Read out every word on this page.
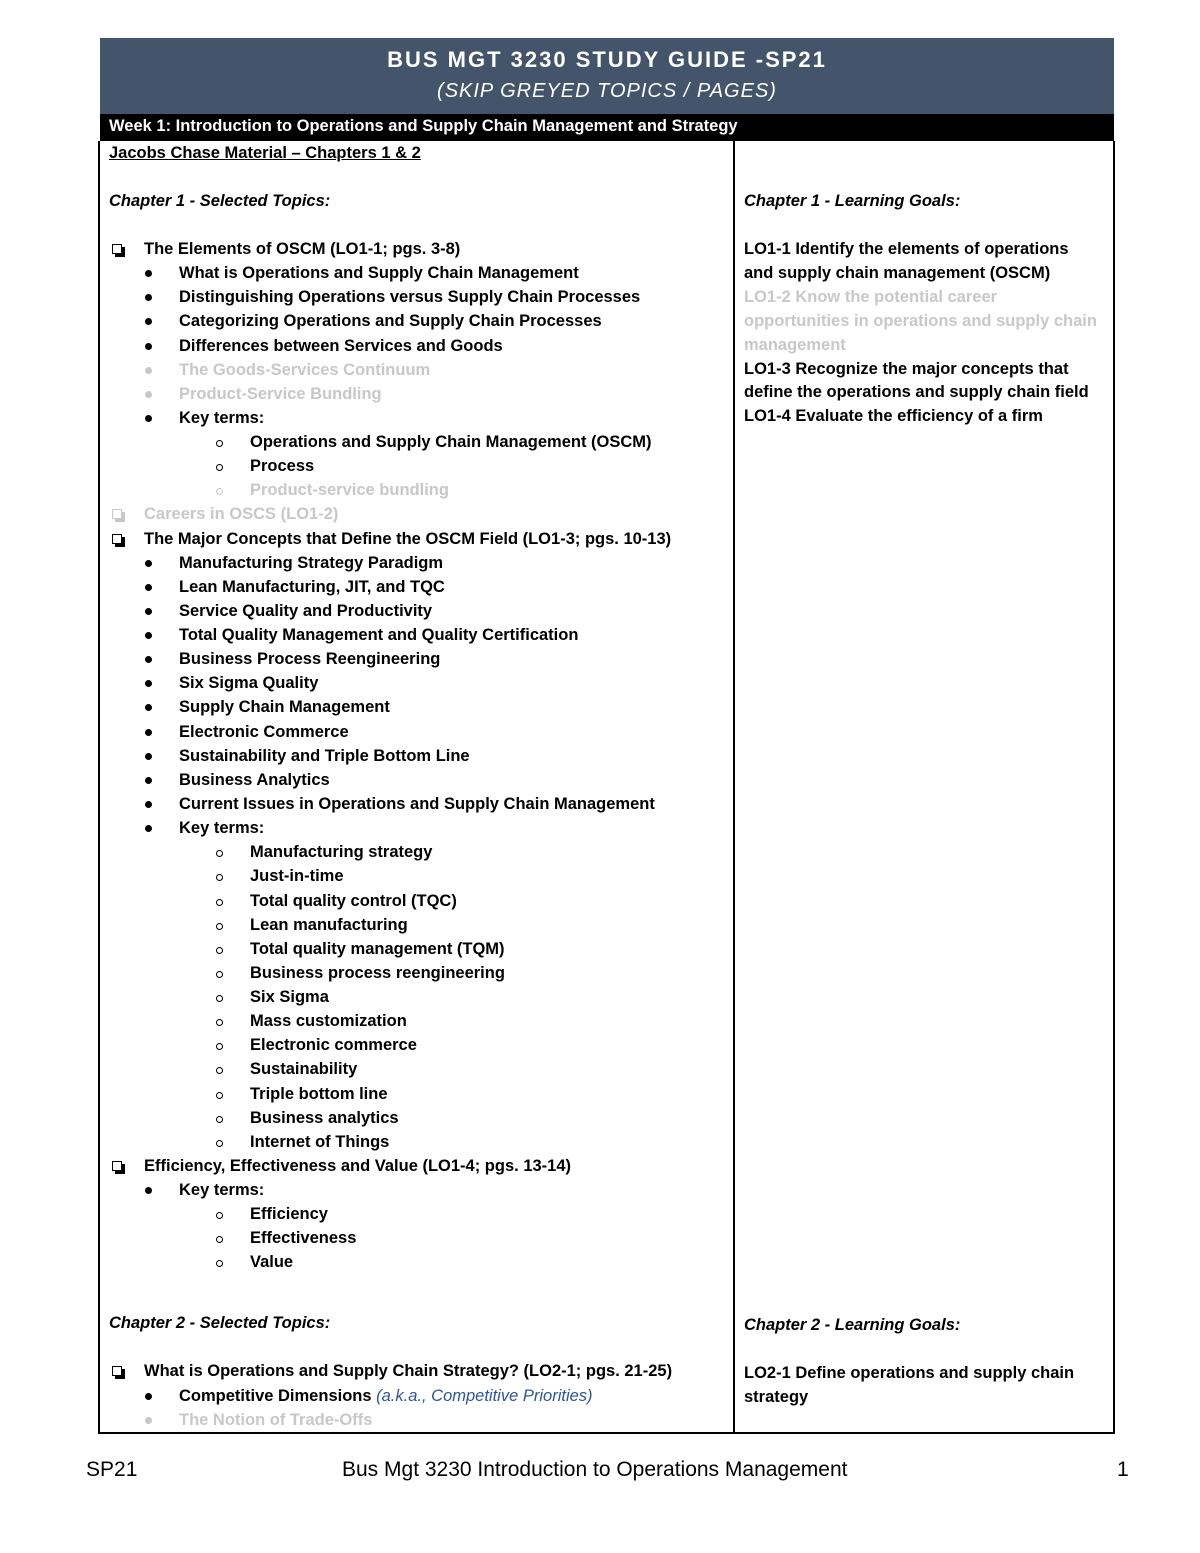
BUS MGT 3230 STUDY GUIDE -SP21
(SKIP GREYED TOPICS / PAGES)
Week 1: Introduction to Operations and Supply Chain Management and Strategy
Jacobs Chase Material – Chapters 1 & 2
Chapter 1 - Selected Topics:
The Elements of OSCM (LO1-1; pgs. 3-8)
What is Operations and Supply Chain Management
Distinguishing Operations versus Supply Chain Processes
Categorizing Operations and Supply Chain Processes
Differences between Services and Goods
The Goods-Services Continuum
Product-Service Bundling
Key terms:
Operations and Supply Chain Management (OSCM)
Process
Product-service bundling
Careers in OSCS (LO1-2)
The Major Concepts that Define the OSCM Field (LO1-3; pgs. 10-13)
Manufacturing Strategy Paradigm
Lean Manufacturing, JIT, and TQC
Service Quality and Productivity
Total Quality Management and Quality Certification
Business Process Reengineering
Six Sigma Quality
Supply Chain Management
Electronic Commerce
Sustainability and Triple Bottom Line
Business Analytics
Current Issues in Operations and Supply Chain Management
Key terms:
Manufacturing strategy
Just-in-time
Total quality control (TQC)
Lean manufacturing
Total quality management (TQM)
Business process reengineering
Six Sigma
Mass customization
Electronic commerce
Sustainability
Triple bottom line
Business analytics
Internet of Things
Efficiency, Effectiveness and Value (LO1-4; pgs. 13-14)
Key terms:
Efficiency
Effectiveness
Value
Chapter 2 - Selected Topics:
What is Operations and Supply Chain Strategy? (LO2-1; pgs. 21-25)
Competitive Dimensions (a.k.a., Competitive Priorities)
The Notion of Trade-Offs
Chapter 1 - Learning Goals:
LO1-1 Identify the elements of operations
and supply chain management (OSCM)
LO1-2 Know the potential career
opportunities in operations and supply chain
management
LO1-3 Recognize the major concepts that
define the operations and supply chain field
LO1-4 Evaluate the efficiency of a firm
Chapter 2 - Learning Goals:
LO2-1 Define operations and supply chain
strategy
SP21	Bus Mgt 3230 Introduction to Operations Management	1
